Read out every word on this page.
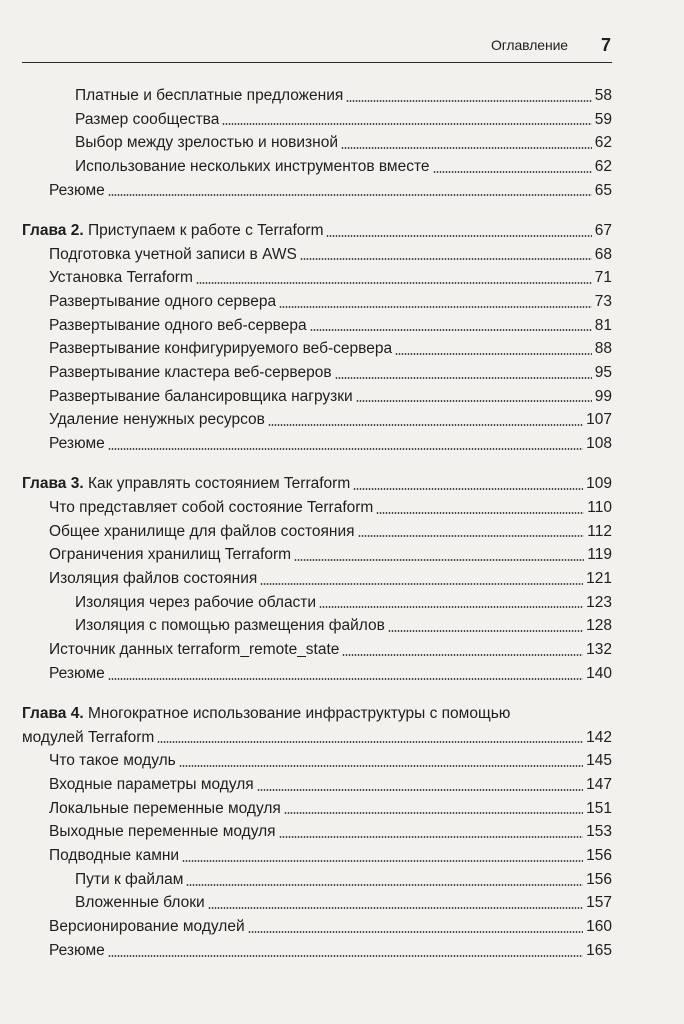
Оглавление 7
Платные и бесплатные предложения	58
Размер сообщества	59
Выбор между зрелостью и новизной	62
Использование нескольких инструментов вместе	62
Резюме	65
Глава 2. Приступаем к работе с Terraform	67
Подготовка учетной записи в AWS	68
Установка Terraform	71
Развертывание одного сервера	73
Развертывание одного веб-сервера	81
Развертывание конфигурируемого веб-сервера	88
Развертывание кластера веб-серверов	95
Развертывание балансировщика нагрузки	99
Удаление ненужных ресурсов	107
Резюме	108
Глава 3. Как управлять состоянием Terraform	109
Что представляет собой состояние Terraform	110
Общее хранилище для файлов состояния	112
Ограничения хранилищ Terraform	119
Изоляция файлов состояния	121
Изоляция через рабочие области	123
Изоляция с помощью размещения файлов	128
Источник данных terraform_remote_state	132
Резюме	140
Глава 4. Многократное использование инфраструктуры с помощью
модулей Terraform	142
Что такое модуль	145
Входные параметры модуля	147
Локальные переменные модуля	151
Выходные переменные модуля	153
Подводные камни	156
Пути к файлам	156
Вложенные блоки	157
Версионирование модулей	160
Резюме	165
